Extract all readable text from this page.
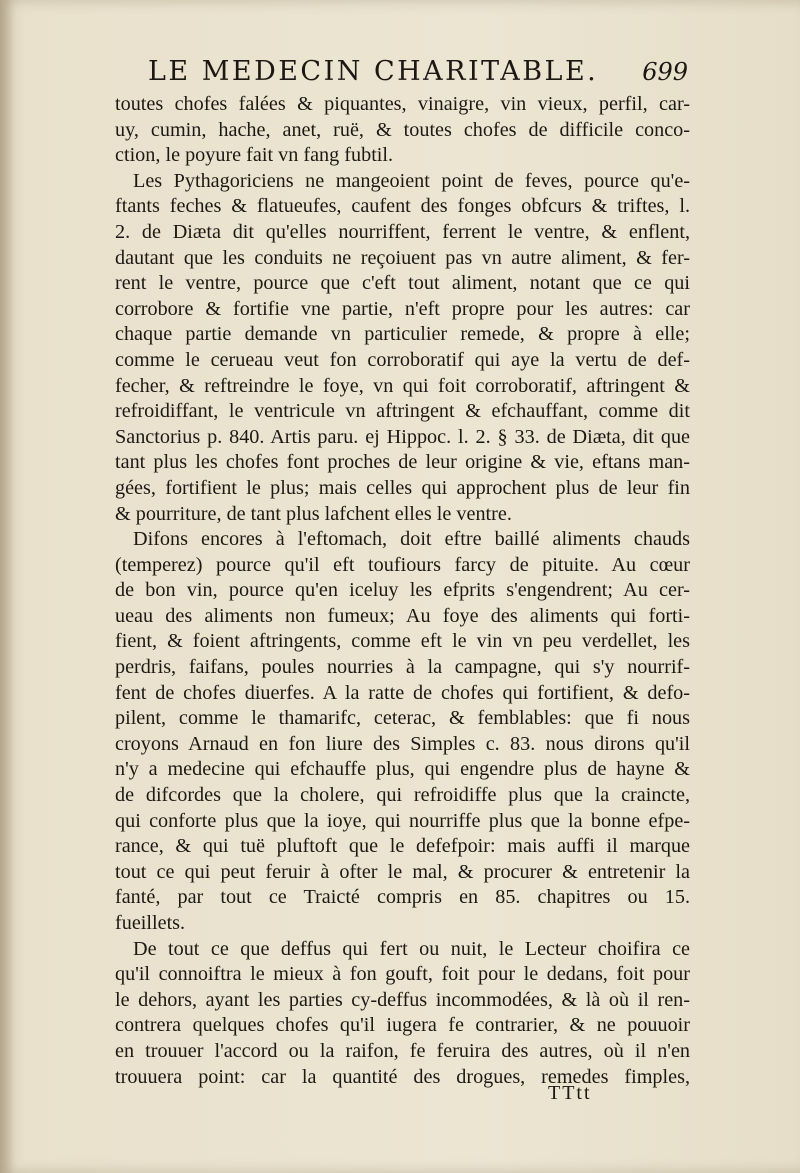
LE MEDECIN CHARITABLE. 699
toutes chofes falées & piquantes, vinaigre, vin vieux, perfil, car-
uy, cumin, hache, anet, ruë, & toutes chofes de difficile conco-
ction, le poyure fait vn fang fubtil.
Les Pythagoriciens ne mangeoient point de feves, pource qu'e-
ftants feches & flatueufes, caufent des fonges obfcurs & triftes, l.
2. de Diæta dit qu'elles nourriffent, ferrent le ventre, & enflent,
dautant que les conduits ne reçoiuent pas vn autre aliment, & fer-
rent le ventre, pource que c'eft tout aliment, notant que ce qui
corrobore & fortifie vne partie, n'eft propre pour les autres: car
chaque partie demande vn particulier remede, & propre à elle;
comme le cerueau veut fon corroboratif qui aye la vertu de def-
fecher, & reftreindre le foye, vn qui foit corroboratif, aftringent &
refroidiffant, le ventricule vn aftringent & efchauffant, comme dit
Sanctorius p. 840. Artis paru. ej Hippoc. l. 2. § 33. de Diæta, dit que
tant plus les chofes font proches de leur origine & vie, eftans man-
gées, fortifient le plus; mais celles qui approchent plus de leur fin
& pourriture, de tant plus lafchent elles le ventre.
Difons encores à l'eftomach, doit eftre baillé aliments chauds
(temperez) pource qu'il eft toufiours farcy de pituite. Au cœur
de bon vin, pource qu'en iceluy les efprits s'engendrent; Au cer-
ueau des aliments non fumeux; Au foye des aliments qui forti-
fient, & foient aftringents, comme eft le vin vn peu verdellet, les
perdris, faifans, poules nourries à la campagne, qui s'y nourrif-
fent de chofes diuerfes. A la ratte de chofes qui fortifient, & defo-
pilent, comme le thamarifc, ceterac, & femblables: que fi nous
croyons Arnaud en fon liure des Simples c. 83. nous dirons qu'il
n'y a medecine qui efchauffe plus, qui engendre plus de hayne &
de difcordes que la cholere, qui refroidiffe plus que la craincte,
qui conforte plus que la ioye, qui nourriffe plus que la bonne efpe-
rance, & qui tuë pluftoft que le defefpoir: mais auffi il marque
tout ce qui peut feruir à ofter le mal, & procurer & entretenir la
fanté, par tout ce Traicté compris en 85. chapitres ou 15.
fueillets.
De tout ce que deffus qui fert ou nuit, le Lecteur choifira ce
qu'il connoiftra le mieux à fon gouft, foit pour le dedans, foit pour
le dehors, ayant les parties cy-deffus incommodées, & là où il ren-
contrera quelques chofes qu'il iugera fe contrarier, & ne pouuoir
en trouuer l'accord ou la raifon, fe feruira des autres, où il n'en
trouuera point: car la quantité des drogues, remedes fimples,
TTtt
